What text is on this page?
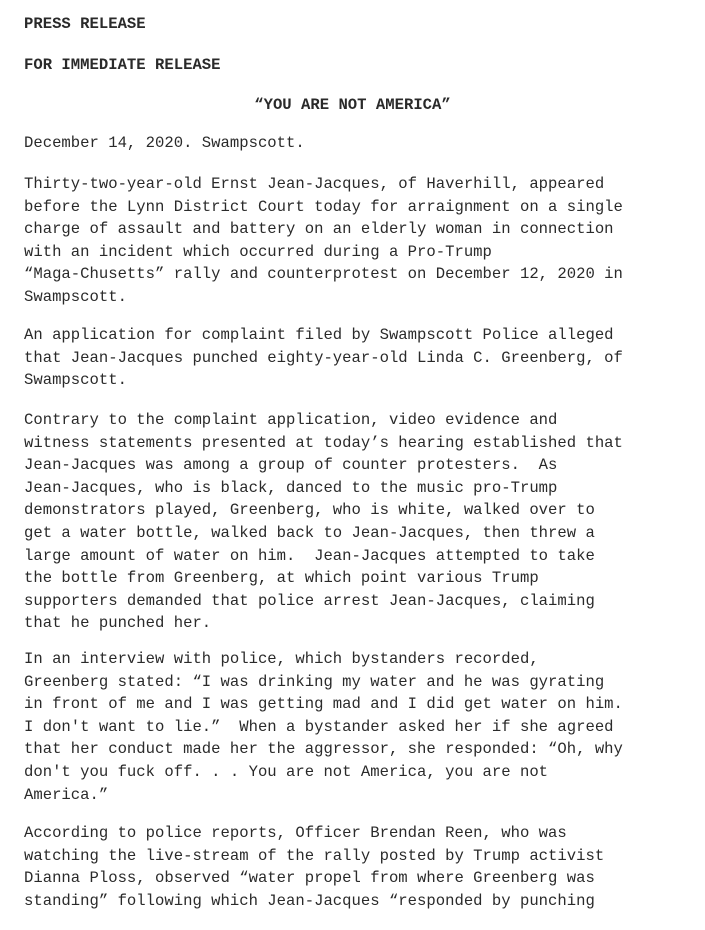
PRESS RELEASE

FOR IMMEDIATE RELEASE

“YOU ARE NOT AMERICA”

December 14, 2020. Swampscott.

Thirty-two-year-old Ernst Jean-Jacques, of Haverhill, appeared
before the Lynn District Court today for arraignment on a single
charge of assault and battery on an elderly woman in connection
with an incident which occurred during a Pro-Trump
“Maga-Chusetts” rally and counterprotest on December 12, 2020 in
Swampscott.
An application for complaint filed by Swampscott Police alleged
that Jean-Jacques punched eighty-year-old Linda C. Greenberg, of
Swampscott.
Contrary to the complaint application, video evidence and
witness statements presented at today’s hearing established that
Jean-Jacques was among a group of counter protesters.  As
Jean-Jacques, who is black, danced to the music pro-Trump
demonstrators played, Greenberg, who is white, walked over to
get a water bottle, walked back to Jean-Jacques, then threw a
large amount of water on him.  Jean-Jacques attempted to take
the bottle from Greenberg, at which point various Trump
supporters demanded that police arrest Jean-Jacques, claiming
that he punched her.
In an interview with police, which bystanders recorded,
Greenberg stated: “I was drinking my water and he was gyrating
in front of me and I was getting mad and I did get water on him.
I don't want to lie.”  When a bystander asked her if she agreed
that her conduct made her the aggressor, she responded: “Oh, why
don't you fuck off. . . You are not America, you are not
America.”
According to police reports, Officer Brendan Reen, who was
watching the live-stream of the rally posted by Trump activist
Dianna Ploss, observed “water propel from where Greenberg was
standing” following which Jean-Jacques “responded by punching
